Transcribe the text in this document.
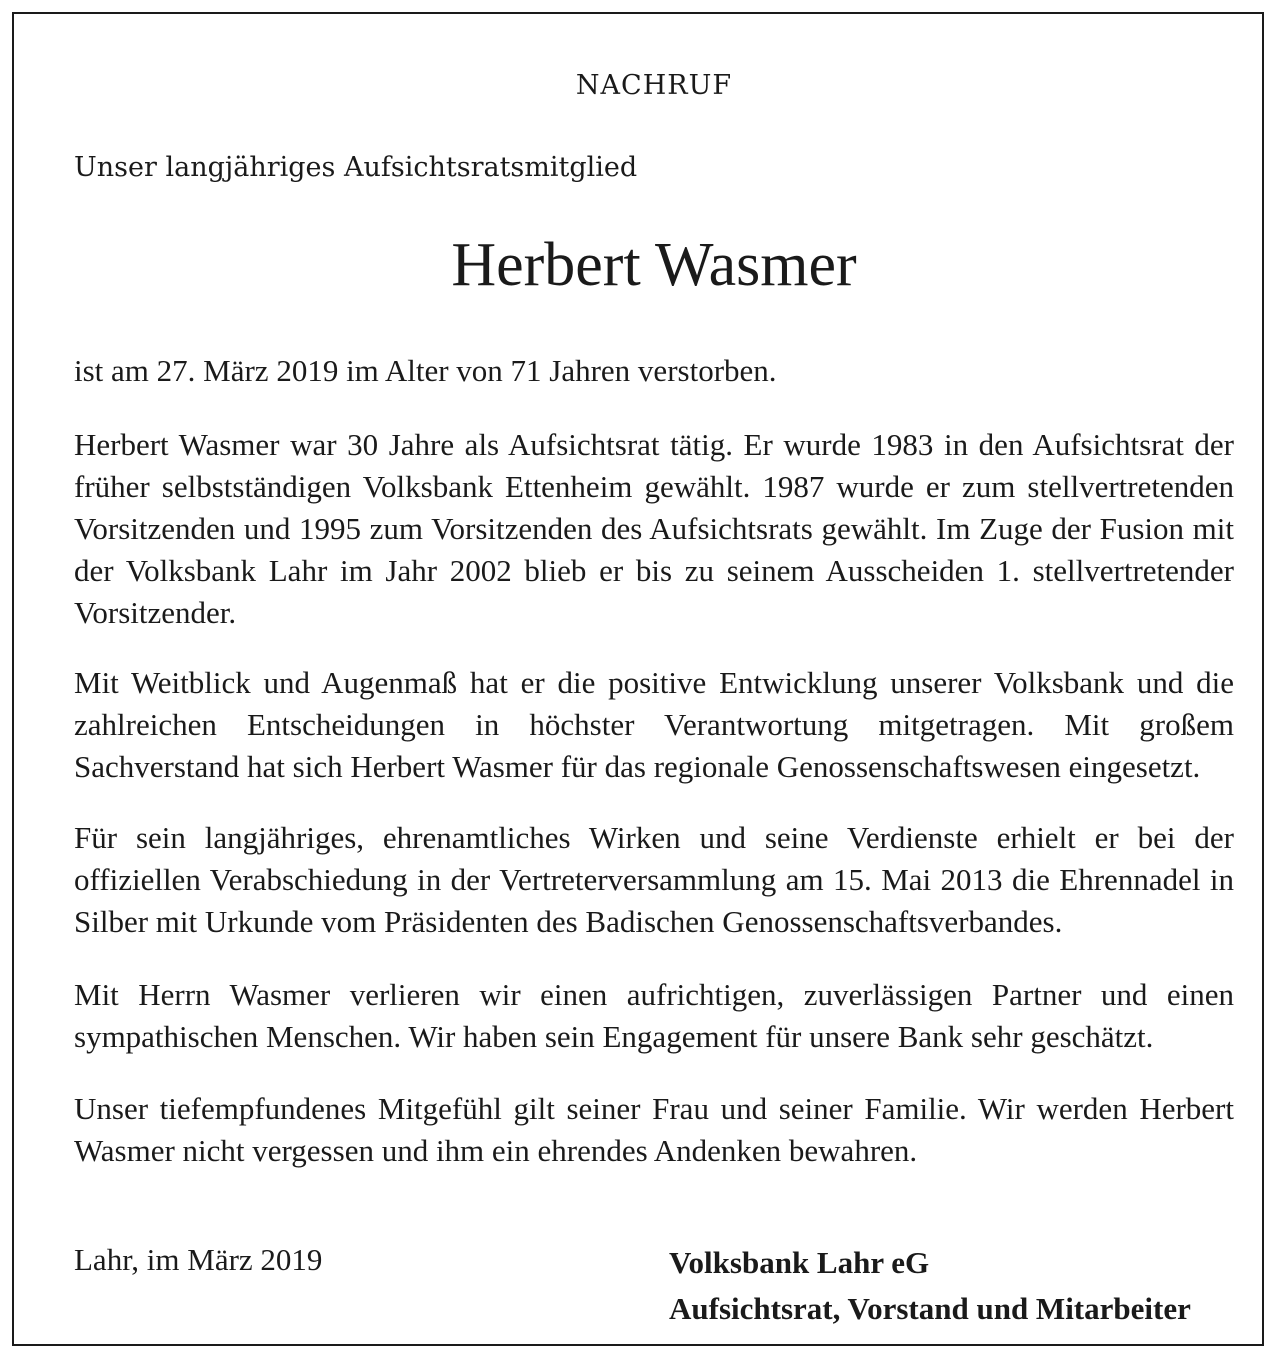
NACHRUF
Unser langjähriges Aufsichtsratsmitglied
Herbert Wasmer
ist am 27. März 2019 im Alter von 71 Jahren verstorben.
Herbert Wasmer war 30 Jahre als Aufsichtsrat tätig. Er wurde 1983 in den Aufsichtsrat der früher selbstständigen Volksbank Ettenheim gewählt. 1987 wurde er zum stellvertretenden Vorsitzenden und 1995 zum Vorsitzenden des Aufsichtsrats gewählt. Im Zuge der Fusion mit der Volksbank Lahr im Jahr 2002 blieb er bis zu seinem Ausscheiden 1. stellvertretender Vorsitzender.
Mit Weitblick und Augenmaß hat er die positive Entwicklung unserer Volksbank und die zahlreichen Entscheidungen in höchster Verantwortung mitgetragen. Mit großem Sachverstand hat sich Herbert Wasmer für das regionale Genossenschaftswesen eingesetzt.
Für sein langjähriges, ehrenamtliches Wirken und seine Verdienste erhielt er bei der offiziellen Verabschiedung in der Vertreterversammlung am 15. Mai 2013 die Ehrennadel in Silber mit Urkunde vom Präsidenten des Badischen Genossenschaftsverbandes.
Mit Herrn Wasmer verlieren wir einen aufrichtigen, zuverlässigen Partner und einen sympathischen Menschen. Wir haben sein Engagement für unsere Bank sehr geschätzt.
Unser tiefempfundenes Mitgefühl gilt seiner Frau und seiner Familie. Wir werden Herbert Wasmer nicht vergessen und ihm ein ehrendes Andenken bewahren.
Lahr, im März 2019	Volksbank Lahr eG
Aufsichtsrat, Vorstand und Mitarbeiter
